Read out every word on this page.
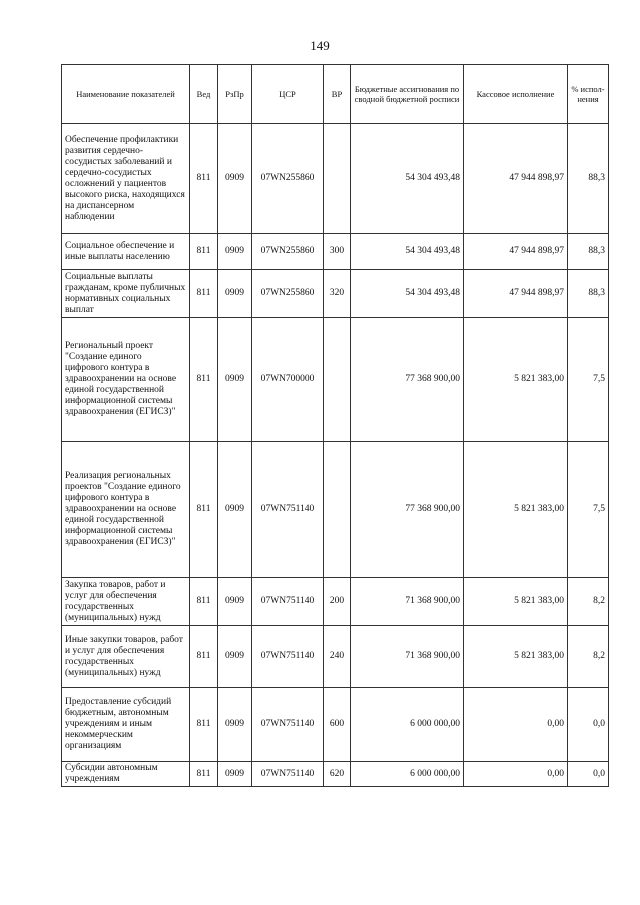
149
Наименование показателей	Вед	РзПр	ЦСР	ВР	Бюджетные ассигнования по сводной бюджетной росписи	Кассовое исполнение	% испол- нения
Обеспечение профилактики развития сердечно-сосудистых заболеваний и сердечно-сосудистых осложнений у пациентов высокого риска, находящихся на диспансерном наблюдении	811	0909	07WN255860		54 304 493,48	47 944 898,97	88,3
Социальное обеспечение и иные выплаты населению	811	0909	07WN255860	300	54 304 493,48	47 944 898,97	88,3
Социальные выплаты гражданам, кроме публичных нормативных социальных выплат	811	0909	07WN255860	320	54 304 493,48	47 944 898,97	88,3
Региональный проект "Создание единого цифрового контура в здравоохранении на основе единой государственной информационной системы здравоохранения (ЕГИСЗ)"	811	0909	07WN700000		77 368 900,00	5 821 383,00	7,5
Реализация региональных проектов "Создание единого цифрового контура в здравоохранении на основе единой государственной информационной системы здравоохранения (ЕГИСЗ)"	811	0909	07WN751140		77 368 900,00	5 821 383,00	7,5
Закупка товаров, работ и услуг для обеспечения государственных (муниципальных) нужд	811	0909	07WN751140	200	71 368 900,00	5 821 383,00	8,2
Иные закупки товаров, работ и услуг для обеспечения государственных (муниципальных) нужд	811	0909	07WN751140	240	71 368 900,00	5 821 383,00	8,2
Предоставление субсидий бюджетным, автономным учреждениям и иным некоммерческим организациям	811	0909	07WN751140	600	6 000 000,00	0,00	0,0
Субсидии автономным учреждениям	811	0909	07WN751140	620	6 000 000,00	0,00	0,0
